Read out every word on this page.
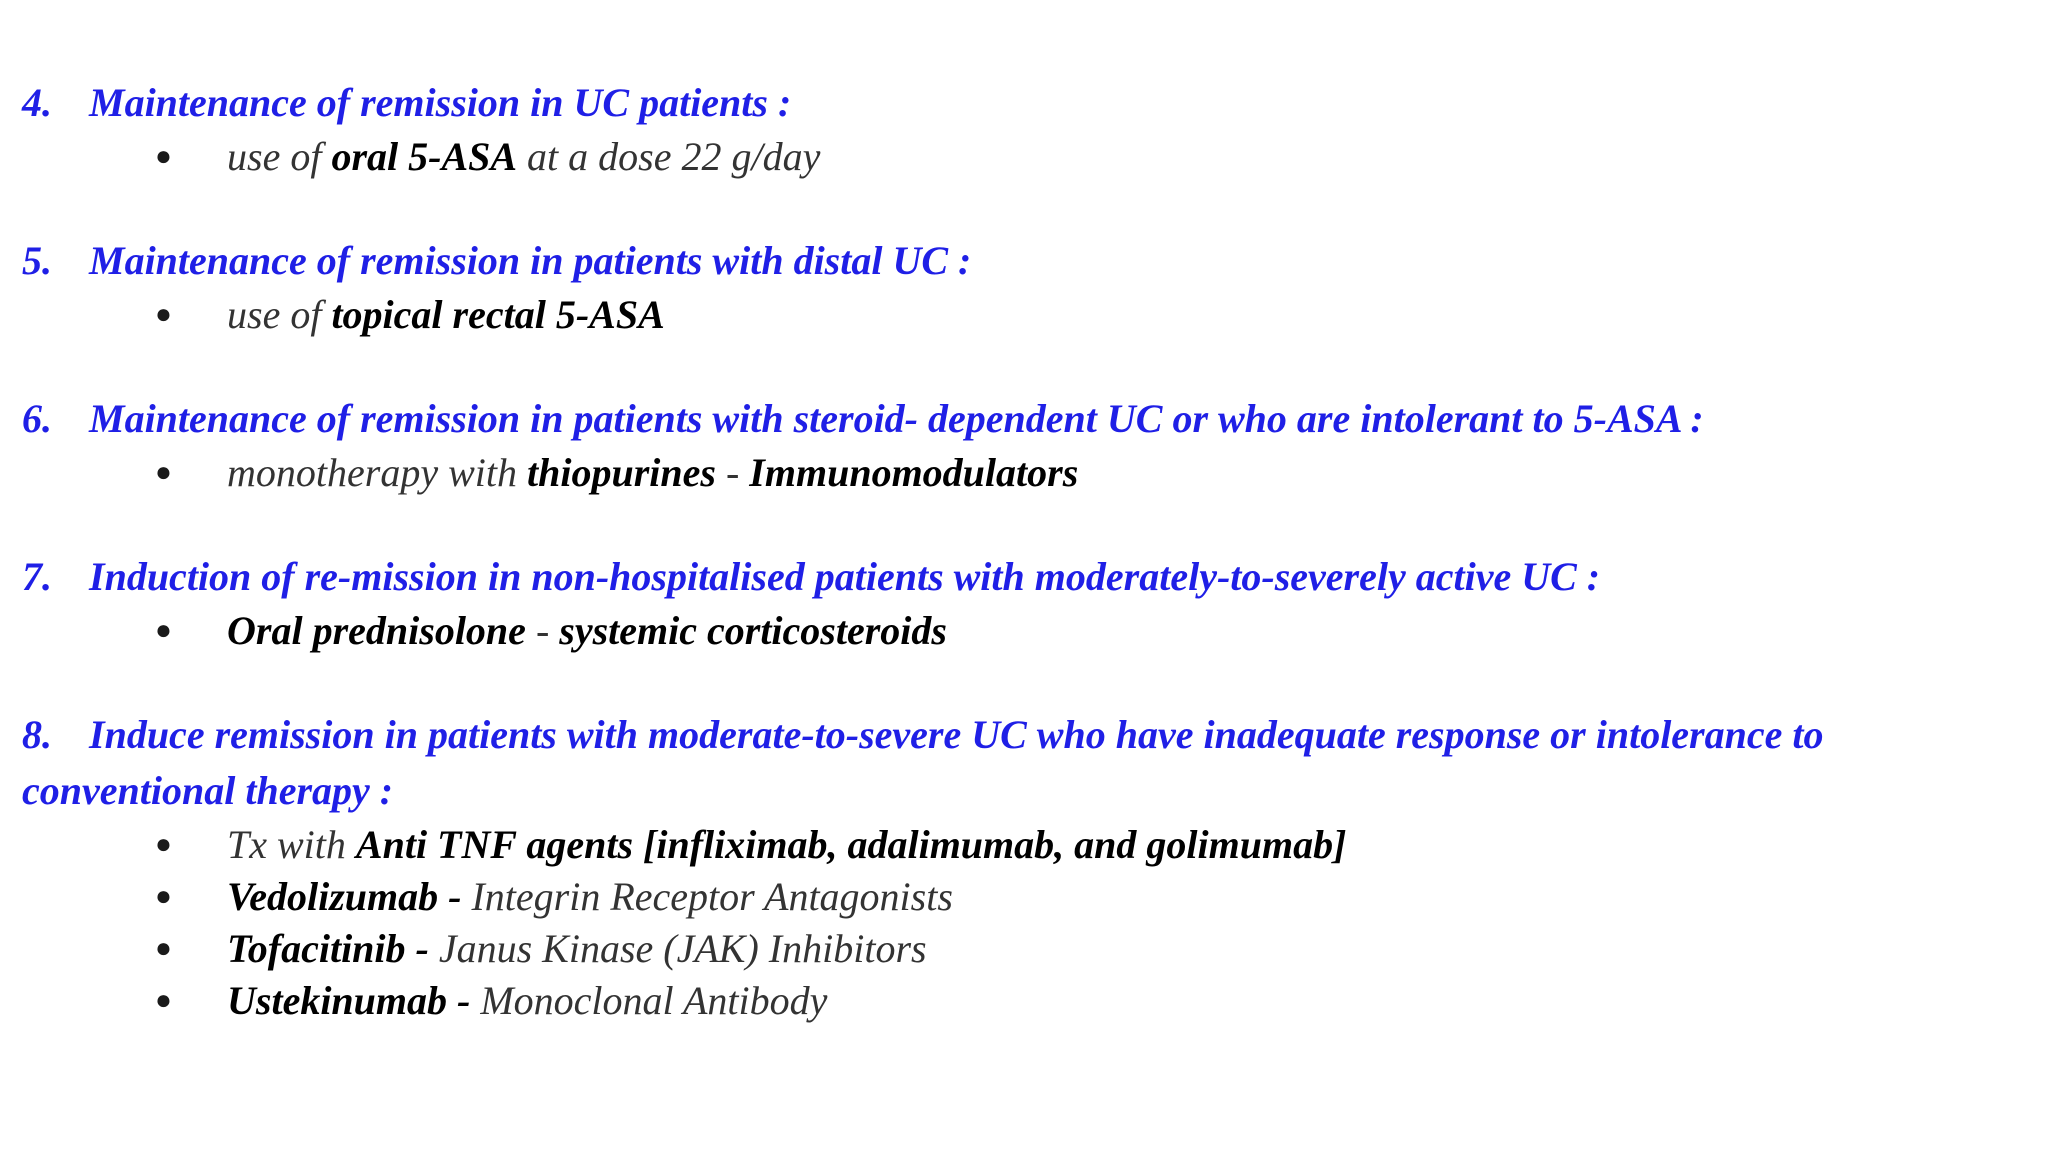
4. Maintenance of remission in UC patients :

● use of oral 5-ASA at a dose 22 g/day

5. Maintenance of remission in patients with distal UC :

● use of topical rectal 5-ASA

6. Maintenance of remission in patients with steroid- dependent UC or who are intolerant to 5-ASA :

● monotherapy with thiopurines - Immunomodulators

7. Induction of re-mission in non-hospitalised patients with moderately-to-severely active UC :

● Oral prednisolone - systemic corticosteroids

8. Induce remission in patients with moderate-to-severe UC who have inadequate response or intolerance to conventional therapy :

● Tx with Anti TNF agents [infliximab, adalimumab, and golimumab]
● Vedolizumab - Integrin Receptor Antagonists
● Tofacitinib - Janus Kinase (JAK) Inhibitors
● Ustekinumab - Monoclonal Antibody
